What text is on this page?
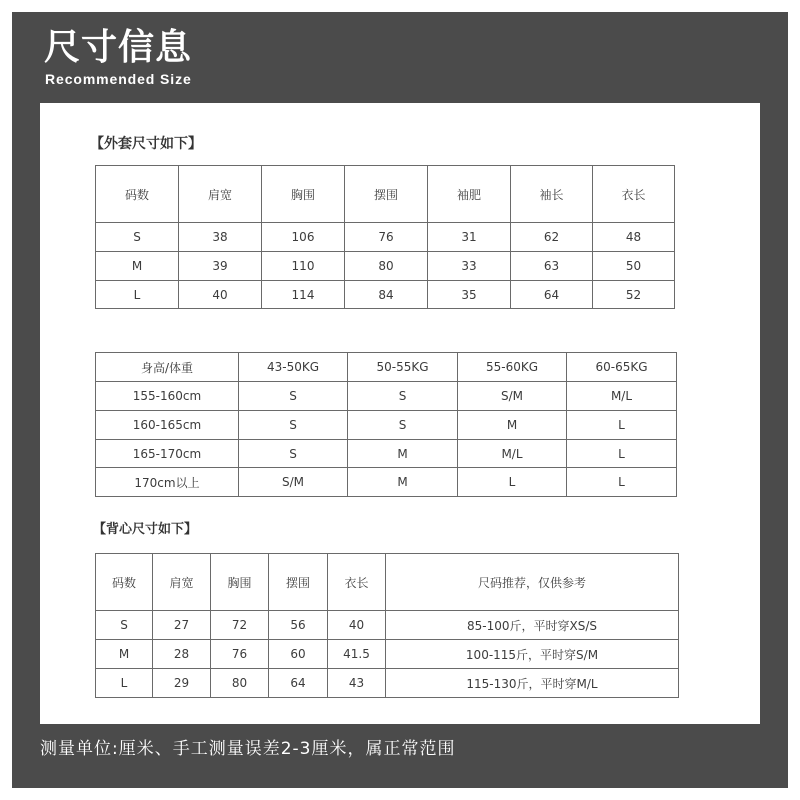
尺寸信息
Recommended Size
【外套尺寸如下】
码数	肩宽	胸围	摆围	袖肥	袖长	衣长
S	38	106	76	31	62	48
M	39	110	80	33	63	50
L	40	114	84	35	64	52
身高/体重	43-50KG	50-55KG	55-60KG	60-65KG
155-160cm	S	S	S/M	M/L
160-165cm	S	S	M	L
165-170cm	S	M	M/L	L
170cm以上	S/M	M	L	L
【背心尺寸如下】
码数	肩宽	胸围	摆围	衣长	尺码推荐，仅供参考
S	27	72	56	40	85-100斤，平时穿XS/S
M	28	76	60	41.5	100-115斤，平时穿S/M
L	29	80	64	43	115-130斤，平时穿M/L
测量单位:厘米、手工测量误差2-3厘米，属正常范围
